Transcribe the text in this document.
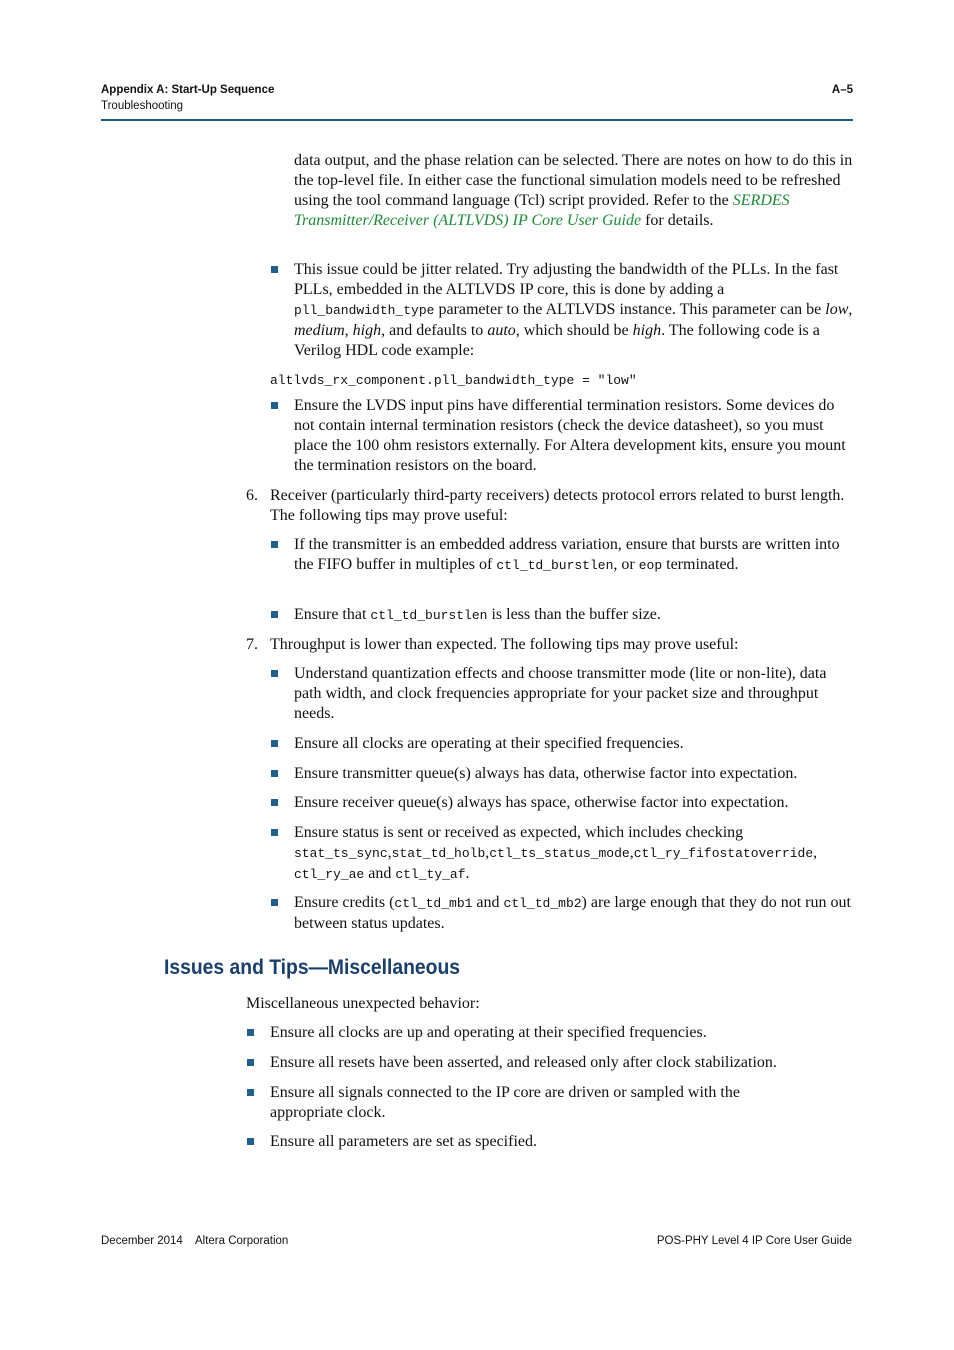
Appendix A: Start-Up Sequence	A–5
Troubleshooting
data output, and the phase relation can be selected. There are notes on how to do this in the top-level file. In either case the functional simulation models need to be refreshed using the tool command language (Tcl) script provided. Refer to the SERDES Transmitter/Receiver (ALTLVDS) IP Core User Guide for details.
This issue could be jitter related. Try adjusting the bandwidth of the PLLs. In the fast PLLs, embedded in the ALTLVDS IP core, this is done by adding a pll_bandwidth_type parameter to the ALTLVDS instance. This parameter can be low, medium, high, and defaults to auto, which should be high. The following code is a Verilog HDL code example:
altlvds_rx_component.pll_bandwidth_type = "low"
Ensure the LVDS input pins have differential termination resistors. Some devices do not contain internal termination resistors (check the device datasheet), so you must place the 100 ohm resistors externally. For Altera development kits, ensure you mount the termination resistors on the board.
6. Receiver (particularly third-party receivers) detects protocol errors related to burst length. The following tips may prove useful:
If the transmitter is an embedded address variation, ensure that bursts are written into the FIFO buffer in multiples of ctl_td_burstlen, or eop terminated.
Ensure that ctl_td_burstlen is less than the buffer size.
7. Throughput is lower than expected. The following tips may prove useful:
Understand quantization effects and choose transmitter mode (lite or non-lite), data path width, and clock frequencies appropriate for your packet size and throughput needs.
Ensure all clocks are operating at their specified frequencies.
Ensure transmitter queue(s) always has data, otherwise factor into expectation.
Ensure receiver queue(s) always has space, otherwise factor into expectation.
Ensure status is sent or received as expected, which includes checking
stat_ts_sync,stat_td_holb,ctl_ts_status_mode,ctl_ry_fifostatoverride,
ctl_ry_ae and ctl_ty_af.
Ensure credits (ctl_td_mb1 and ctl_td_mb2) are large enough that they do not run out between status updates.
Issues and Tips—Miscellaneous
Miscellaneous unexpected behavior:
Ensure all clocks are up and operating at their specified frequencies.
Ensure all resets have been asserted, and released only after clock stabilization.
Ensure all signals connected to the IP core are driven or sampled with the appropriate clock.
Ensure all parameters are set as specified.
December 2014    Altera Corporation	POS-PHY Level 4 IP Core User Guide
